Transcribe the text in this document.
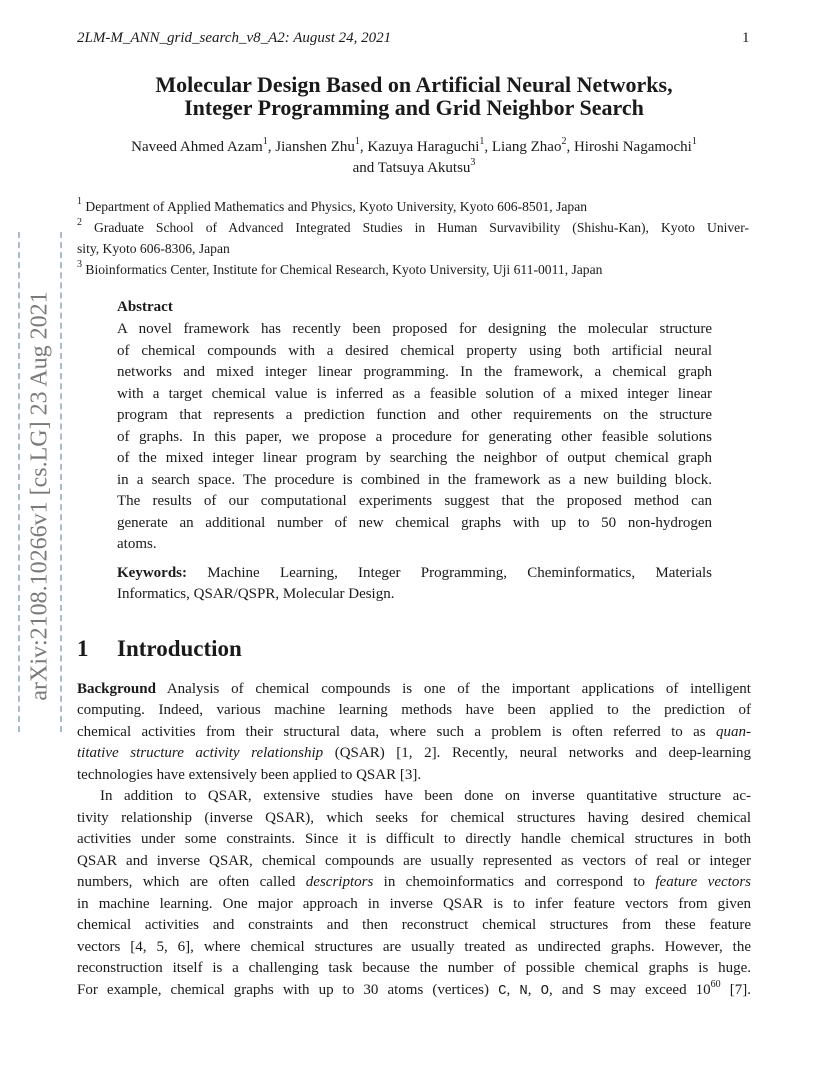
arXiv:2108.10266v1 [cs.LG] 23 Aug 2021
2LM-M_ANN_grid_search_v8_A2: August 24, 2021	1
Molecular Design Based on Artificial Neural Networks,
Integer Programming and Grid Neighbor Search
Naveed Ahmed Azam$^1$, Jianshen Zhu$^1$, Kazuya Haraguchi$^1$, Liang Zhao$^2$, Hiroshi Nagamochi$^1$
and Tatsuya Akutsu$^3$
$^1$ Department of Applied Mathematics and Physics, Kyoto University, Kyoto 606-8501, Japan
$^2$ Graduate School of Advanced Integrated Studies in Human Survavibility (Shishu-Kan), Kyoto Univer-
sity, Kyoto 606-8306, Japan
$^3$ Bioinformatics Center, Institute for Chemical Research, Kyoto University, Uji 611-0011, Japan
Abstract
A novel framework has recently been proposed for designing the molecular structure
of chemical compounds with a desired chemical property using both artificial neural
networks and mixed integer linear programming. In the framework, a chemical graph
with a target chemical value is inferred as a feasible solution of a mixed integer linear
program that represents a prediction function and other requirements on the structure
of graphs. In this paper, we propose a procedure for generating other feasible solutions
of the mixed integer linear program by searching the neighbor of output chemical graph
in a search space. The procedure is combined in the framework as a new building block.
The results of our computational experiments suggest that the proposed method can
generate an additional number of new chemical graphs with up to 50 non-hydrogen
atoms.
Keywords: Machine Learning, Integer Programming, Cheminformatics, Materials
Informatics, QSAR/QSPR, Molecular Design.
1 Introduction
Background Analysis of chemical compounds is one of the important applications of intelligent
computing. Indeed, various machine learning methods have been applied to the prediction of
chemical activities from their structural data, where such a problem is often referred to as quan-
titative structure activity relationship (QSAR) [1, 2]. Recently, neural networks and deep-learning
technologies have extensively been applied to QSAR [3].
In addition to QSAR, extensive studies have been done on inverse quantitative structure ac-
tivity relationship (inverse QSAR), which seeks for chemical structures having desired chemical
activities under some constraints. Since it is difficult to directly handle chemical structures in both
QSAR and inverse QSAR, chemical compounds are usually represented as vectors of real or integer
numbers, which are often called descriptors in chemoinformatics and correspond to feature vectors
in machine learning. One major approach in inverse QSAR is to infer feature vectors from given
chemical activities and constraints and then reconstruct chemical structures from these feature
vectors [4, 5, 6], where chemical structures are usually treated as undirected graphs. However, the
reconstruction itself is a challenging task because the number of possible chemical graphs is huge.
For example, chemical graphs with up to 30 atoms (vertices) C, N, O, and S may exceed $10^{60}$ [7].
